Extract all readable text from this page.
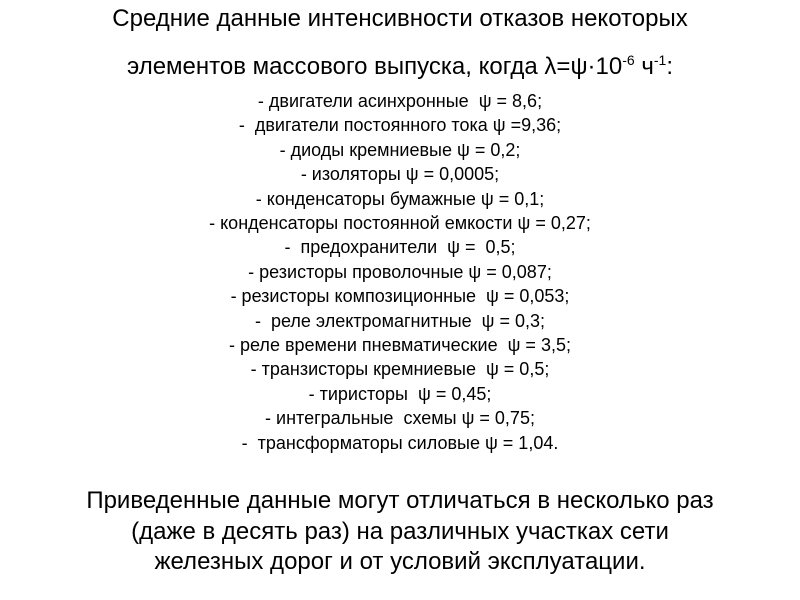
Средние данные интенсивности отказов некоторых
элементов массового выпуска, когда $\lambda=\psi\cdot 10^{-6}$ $ч^{-1}$:
- двигатели асинхронные  ψ = 8,6;
-  двигатели постоянного тока ψ =9,36;
- диоды кремниевые ψ = 0,2;
- изоляторы ψ = 0,0005;
- конденсаторы бумажные ψ = 0,1;
- конденсаторы постоянной емкости ψ = 0,27;
-  предохранители  ψ =  0,5;
- резисторы проволочные ψ = 0,087;
- резисторы композиционные  ψ = 0,053;
-  реле электромагнитные  ψ = 0,3;
- реле времени пневматические  ψ = 3,5;
- транзисторы кремниевые  ψ = 0,5;
- тиристоры  ψ = 0,45;
- интегральные  схемы ψ = 0,75;
-  трансформаторы силовые ψ = 1,04.

Приведенные данные могут отличаться в несколько раз
(даже в десять раз) на различных участках сети
железных дорог и от условий эксплуатации.
